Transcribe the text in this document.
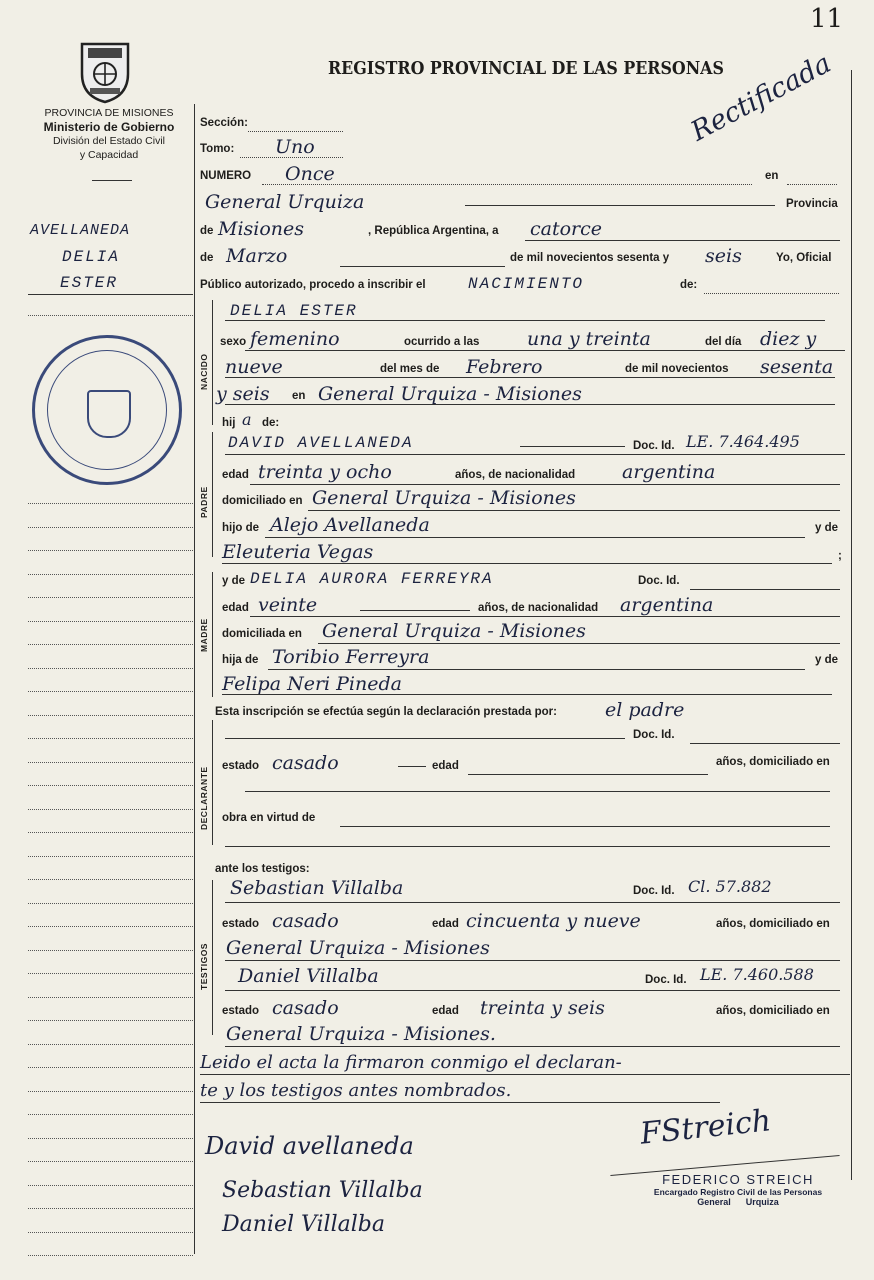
11
REGISTRO PROVINCIAL DE LAS PERSONAS
Rectificada
PROVINCIA DE MISIONES
Ministerio de Gobierno
División del Estado Civil
y Capacidad
AVELLANEDA
DELIA
ESTER
Sección:
Tomo: Uno
NUMERO Once	en
General Urquiza	Provincia
de Misiones	, República Argentina, a catorce
de Marzo	de mil novecientos sesenta y seis	Yo, Oficial
Público autorizado, procedo a inscribir el	NACIMIENTO	de:
NACIDO
DELIA ESTER
sexo femenino	ocurrido a las	una y treinta	del día diez y
nueve	del mes de Febrero	de mil novecientos sesenta
y seis en General Urquiza - Misiones
hij a de:
PADRE
DAVID AVELLANEDA	Doc. Id. LE. 7.464.495
edad treinta y ocho	años, de nacionalidad argentina
domiciliado en General Urquiza - Misiones
hijo de Alejo Avellaneda	y de
Eleuteria Vegas	;
MADRE
y de DELIA AURORA FERREYRA	Doc. Id.
edad veinte	años, de nacionalidad argentina
domiciliada en General Urquiza - Misiones
hija de Toribio Ferreyra	y de
Felipa Neri Pineda
Esta inscripción se efectúa según la declaración prestada por:	el padre
DECLARANTE
Doc. Id.
estado casado	edad	años, domiciliado en
obra en virtud de
ante los testigos:
TESTIGOS
Sebastian Villalba	Doc. Id. Cl. 57.882
estado casado	edad cincuenta y nueve	años, domiciliado en
General Urquiza - Misiones
Daniel Villalba	Doc. Id. LE. 7.460.588
estado casado	edad treinta y seis	años, domiciliado en
General Urquiza - Misiones.
Leido el acta la firmaron conmigo el declaran-
te y los testigos antes nombrados.
David avellaneda
Sebastian Villalba
Daniel Villalba
FStreich
FEDERICO STREICH
Encargado Registro Civil de las Personas
General Urquiza
